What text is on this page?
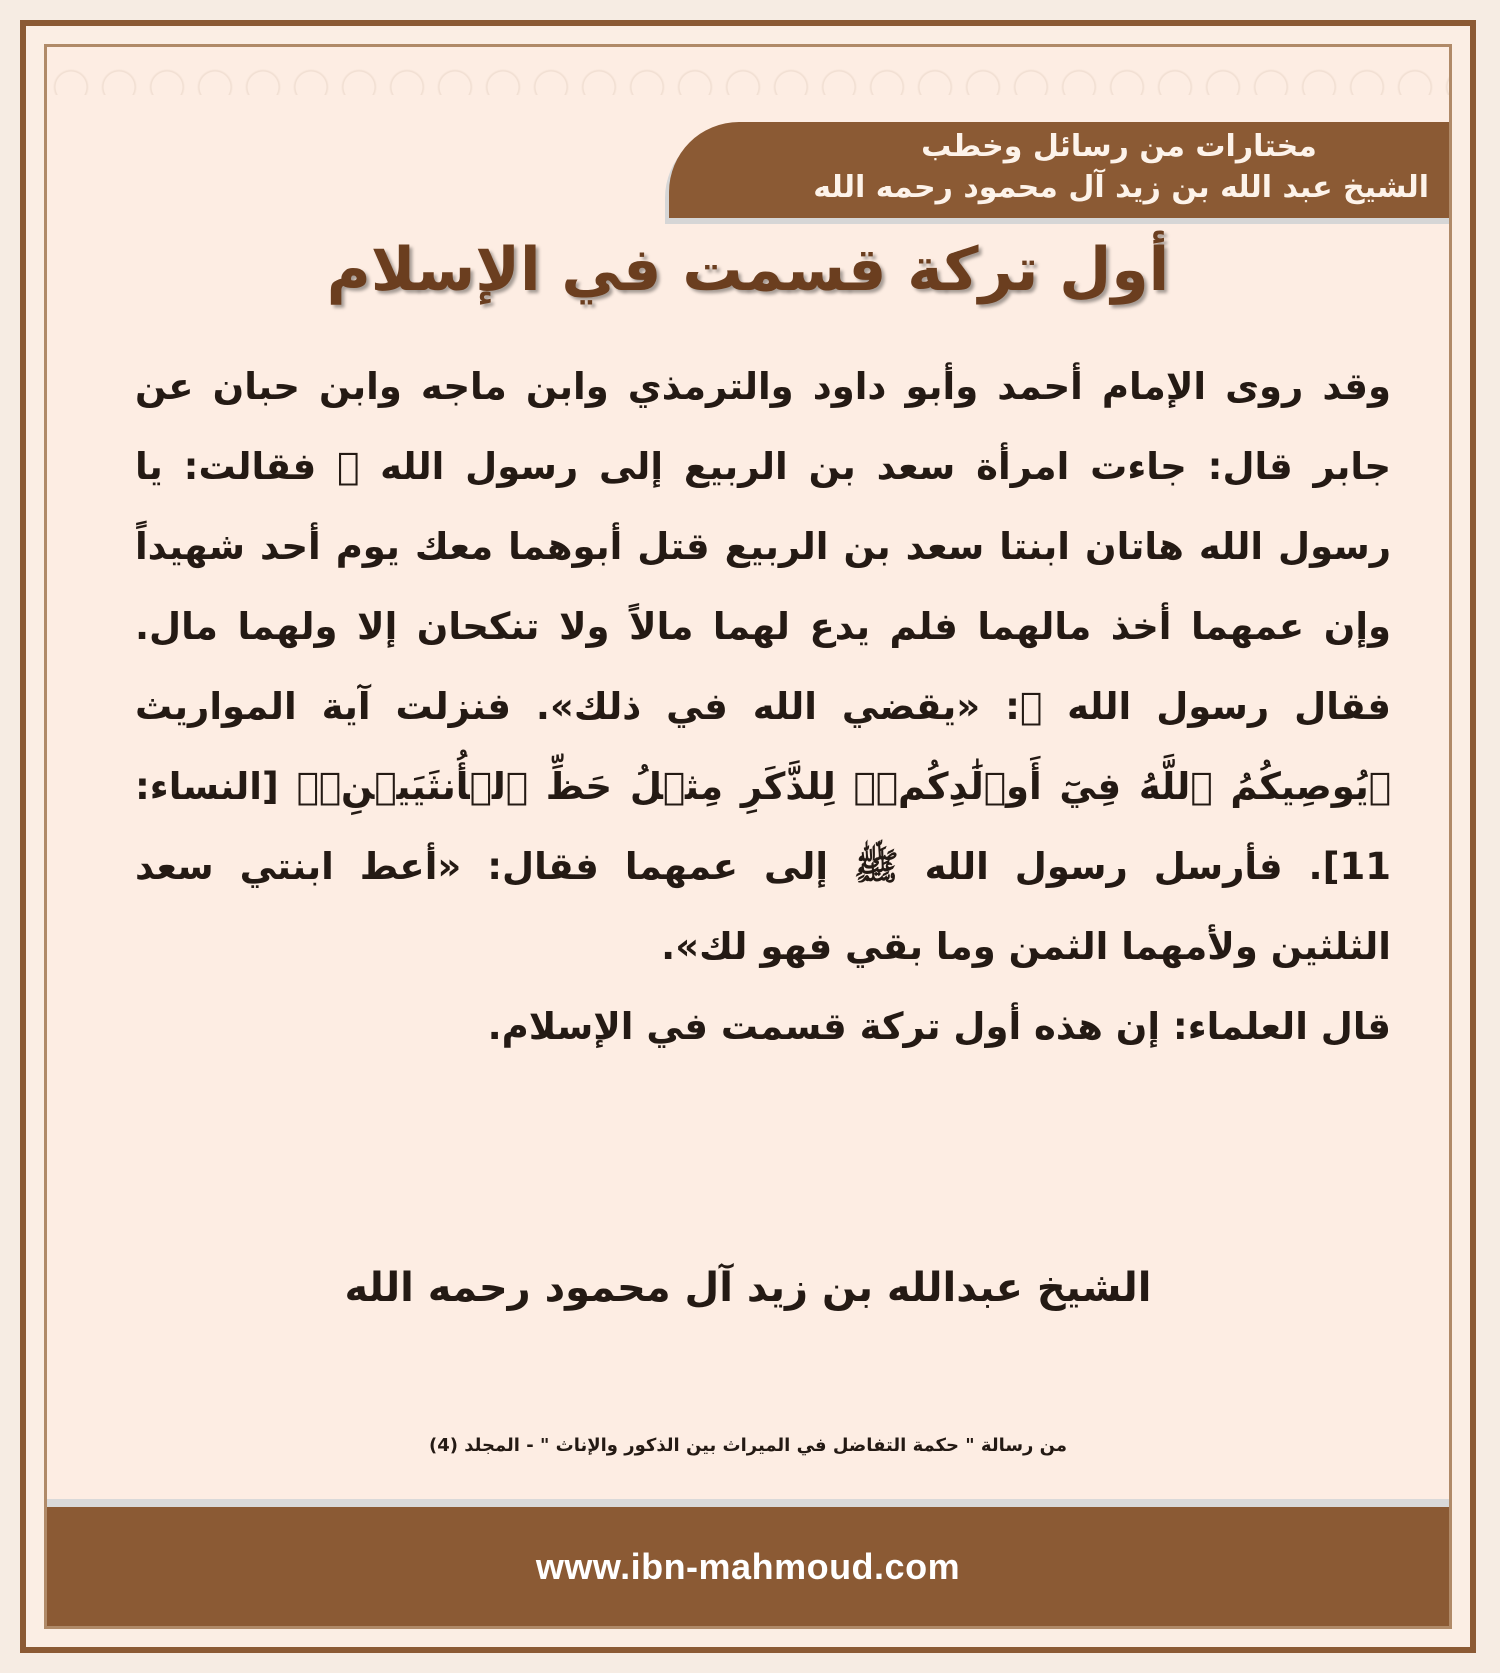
مختارات من رسائل وخطب
الشيخ عبد الله بن زيد آل محمود رحمه الله
أول تركة قسمت في الإسلام

وقد روى الإمام أحمد وأبو داود والترمذي وابن ماجه وابن حبان عن جابر قال: جاءت امرأة سعد بن الربيع إلى رسول الله ﷺ فقالت: يا رسول الله هاتان ابنتا سعد بن الربيع قتل أبوهما معك يوم أحد شهيداً وإن عمهما أخذ مالهما فلم يدع لهما مالاً ولا تنكحان إلا ولهما مال. فقال رسول الله ﷺ: «يقضي الله في ذلك». فنزلت آية المواريث ﴿يُوصِيكُمُ ٱللَّهُ فِيٓ أَوۡلَٰدِكُمۡۖ لِلذَّكَرِ مِثۡلُ حَظِّ ٱلۡأُنثَيَيۡنِۚ﴾ [النساء: 11]. فأرسل رسول الله ﷺ إلى عمهما فقال: «أعط ابنتي سعد الثلثين ولأمهما الثمن وما بقي فهو لك».

قال العلماء: إن هذه أول تركة قسمت في الإسلام.

الشيخ عبدالله بن زيد آل محمود رحمه الله
من رسالة " حكمة التفاضل في الميراث بين الذكور والإناث " - المجلد (4)
www.ibn-mahmoud.com
